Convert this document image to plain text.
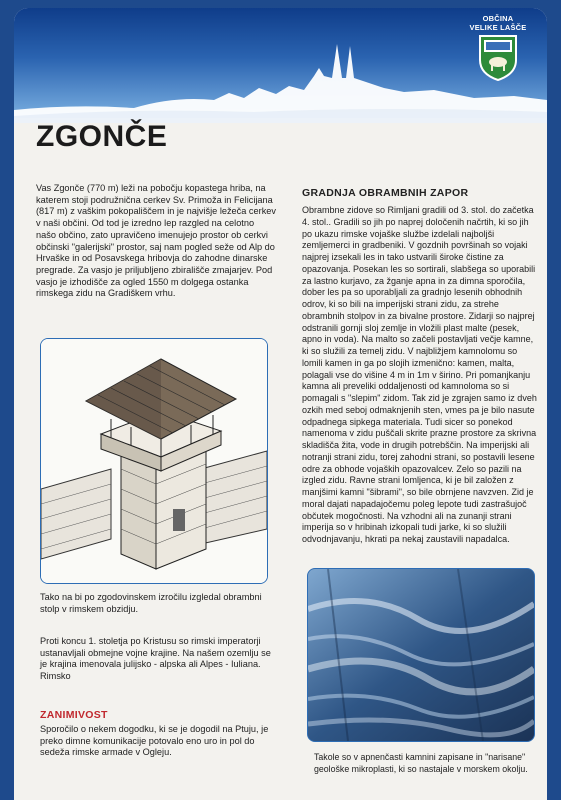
OBČINA
VELIKE LAŠČE
ZGONČE

Vas Zgonče (770 m) leži na pobočju kopastega hriba, na katerem stoji podružnična cerkev Sv. Primoža in Felicijana (817 m) z vaškim pokopališčem in je najvišje ležeča cerkev v naši občini. Od tod je izredno lep razgled na celotno našo občino, zato upravičeno imenujejo prostor ob cerkvi občinski "galerijski" prostor, saj nam pogled seže od Alp do Hrvaške in od Posavskega hribovja do zahodne dinarske pregrade. Za vasjo je priljubljeno zbirališče zmajarjev. Pod vasjo je izhodišče za ogled 1550 m dolgega ostanka rimskega zidu na Gradiškem vrhu.

Tako na bi po zgodovinskem izročilu izgledal obrambni stolp v rimskem obzidju.

Proti koncu 1. stoletja po Kristusu so rimski imperatorji ustanavljali obmejne vojne krajine. Na našem ozemlju se je krajina imenovala julijsko - alpska ali Alpes - Iuliana. Rimsko

ZANIMIVOST

Sporočilo o nekem dogodku, ki se je dogodil na Ptuju, je preko dimne komunikacije potovalo eno uro in pol do sedeža rimske armade v Ogleju.

GRADNJA OBRAMBNIH ZAPOR

Obrambne zidove so Rimljani gradili od 3. stol. do začetka 4. stol.. Gradili so jih po naprej določenih načrtih, ki so jih po ukazu rimske vojaške službe izdelali najboljši zemljemerci in gradbeniki. V gozdnih površinah so vojaki najprej izsekali les in tako ustvarili široke čistine za opazovanja. Posekan les so sortirali, slabšega so uporabili za lastno kurjavo, za žganje apna in za dimna sporočila, dober les pa so uporabljali za gradnjo lesenih obhodnih odrov, ki so bili na imperijski strani zidu, za strehe obrambnih stolpov in za bivalne prostore. Zidarji so najprej odstranili gornji sloj zemlje in vložili plast malte (pesek, apno in voda). Na malto so začeli postavljati večje kamne, ki so služili za temelj zidu. V najbližjem kamnolomu so lomili kamen in ga po slojih izmenično: kamen, malta, polagali vse do višine 4 m in 1m v širino. Pri pomanjkanju kamna ali preveliki oddaljenosti od kamnoloma so si pomagali s "slepim" zidom. Tak zid je zgrajen samo iz dveh ozkih med seboj odmaknjenih sten, vmes pa je bilo nasute odpadnega sipkega materiala. Tudi sicer so ponekod namenoma v zidu puščali skrite prazne prostore za skrivna skladišča žita, vode in drugih potrebščin. Na imperijski ali notranji strani zidu, torej zahodni strani, so postavili lesene odre za obhode vojaških opazovalcev. Zelo so pazili na izgled zidu. Ravne strani lomljenca, ki je bil založen z manjšimi kamni "šibrami", so bile obrnjene navzven. Zid je moral dajati napadajočemu poleg lepote tudi zastrašujoč občutek mogočnosti. Na vzhodni ali na zunanji strani imperija so v hribinah izkopali tudi jarke, ki so služili odvodnjavanju, hkrati pa nekaj zaustavili napadalca.

Takole so v apnenčasti kamnini zapisane in "narisane" geološke mikroplasti, ki so nastajale v morskem okolju.
